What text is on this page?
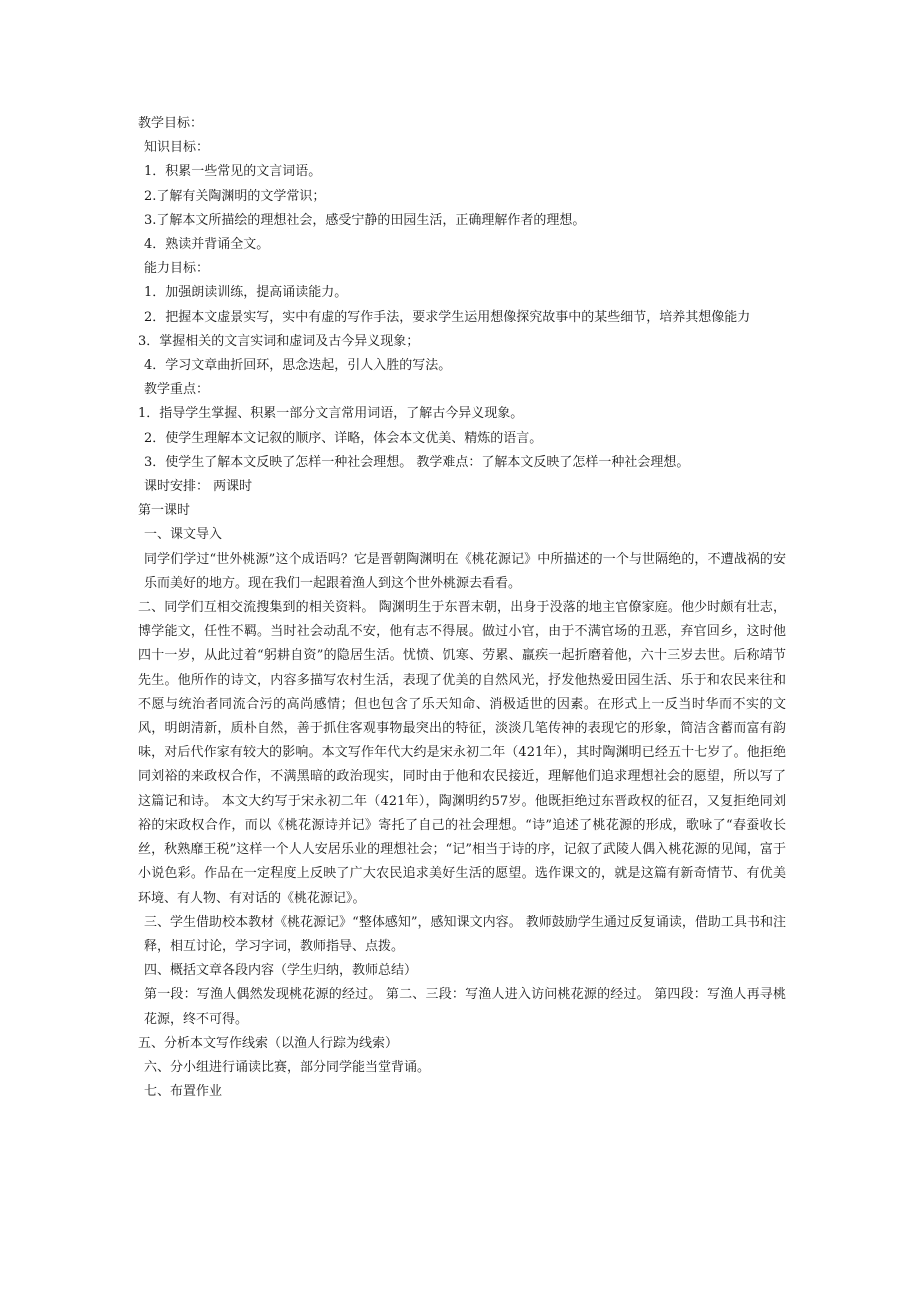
教学目标：

知识目标：

1．积累一些常见的文言词语。

2.了解有关陶渊明的文学常识；

3.了解本文所描绘的理想社会，感受宁静的田园生活，正确理解作者的理想。

4．熟读并背诵全文。

能力目标：

1．加强朗读训练，提高诵读能力。

2．把握本文虚景实写，实中有虚的写作手法，要求学生运用想像探究故事中的某些细节，培养其想像能力

3．掌握相关的文言实词和虚词及古今异义现象；

4．学习文章曲折回环，思念迭起，引人入胜的写法。

教学重点：

1．指导学生掌握、积累一部分文言常用词语，了解古今异义现象。

2．使学生理解本文记叙的顺序、详略，体会本文优美、精炼的语言。

3．使学生了解本文反映了怎样一种社会理想。 教学难点：了解本文反映了怎样一种社会理想。

课时安排： 两课时

第一课时

一、课文导入

同学们学过“世外桃源”这个成语吗？它是晋朝陶渊明在《桃花源记》中所描述的一个与世隔绝的，不遭战祸的安乐而美好的地方。现在我们一起跟着渔人到这个世外桃源去看看。

二、同学们互相交流搜集到的相关资料。 陶渊明生于东晋末朝，出身于没落的地主官僚家庭。他少时颇有壮志，博学能文，任性不羁。当时社会动乱不安，他有志不得展。做过小官，由于不满官场的丑恶，弃官回乡，这时他四十一岁，从此过着“躬耕自资”的隐居生活。忧愤、饥寒、劳累、羸疾一起折磨着他，六十三岁去世。后称靖节先生。他所作的诗文，内容多描写农村生活，表现了优美的自然风光，抒发他热爱田园生活、乐于和农民来往和不愿与统治者同流合污的高尚感情；但也包含了乐天知命、消极适世的因素。在形式上一反当时华而不实的文风，明朗清新，质朴自然，善于抓住客观事物最突出的特征，淡淡几笔传神的表现它的形象，简洁含蓄而富有韵味，对后代作家有较大的影响。本文写作年代大约是宋永初二年（421年），其时陶渊明已经五十七岁了。他拒绝同刘裕的来政权合作，不满黑暗的政治现实，同时由于他和农民接近，理解他们追求理想社会的愿望，所以写了这篇记和诗。 本文大约写于宋永初二年（421年），陶渊明约57岁。他既拒绝过东晋政权的征召，又复拒绝同刘裕的宋政权合作，而以《桃花源诗并记》寄托了自己的社会理想。“诗”追述了桃花源的形成，歌咏了“春蚕收长丝，秋熟靡王税”这样一个人人安居乐业的理想社会；“记”相当于诗的序，记叙了武陵人偶入桃花源的见闻，富于小说色彩。作品在一定程度上反映了广大农民追求美好生活的愿望。选作课文的，就是这篇有新奇情节、有优美环境、有人物、有对话的《桃花源记》。

三、学生借助校本教材《桃花源记》“整体感知”，感知课文内容。 教师鼓励学生通过反复诵读，借助工具书和注释，相互讨论，学习字词，教师指导、点拨。

四、概括文章各段内容（学生归纳，教师总结）

第一段：写渔人偶然发现桃花源的经过。 第二、三段：写渔人进入访问桃花源的经过。 第四段：写渔人再寻桃花源，终不可得。

五、分析本文写作线索（以渔人行踪为线索）

六、分小组进行诵读比赛，部分同学能当堂背诵。

七、布置作业
